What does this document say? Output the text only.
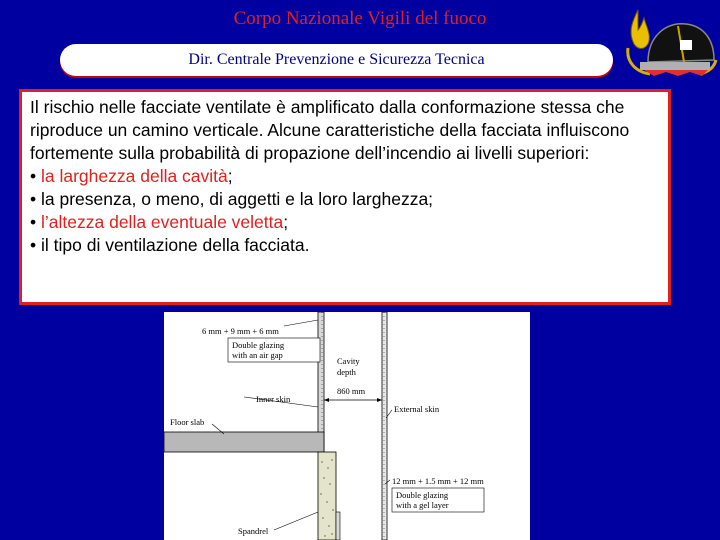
Corpo Nazionale Vigili del fuoco
Dir. Centrale Prevenzione e Sicurezza Tecnica

Il rischio nelle facciate ventilate è amplificato dalla conformazione stessa che riproduce un camino verticale. Alcune caratteristiche della facciata influiscono fortemente sulla probabilità di propazione dell’incendio ai livelli superiori:

• la larghezza della cavità;
• la presenza, o meno, di aggetti e la loro larghezza;
• l’altezza della eventuale veletta;
• il tipo di ventilazione della facciata.
6 mm + 9 mm + 6 mm
Double glazing
with an air gap
Cavity
depth
860 mm
Inner skin
External skin
Floor slab
12 mm + 1.5 mm + 12 mm
Double glazing
with a gel layer
Spandrel
